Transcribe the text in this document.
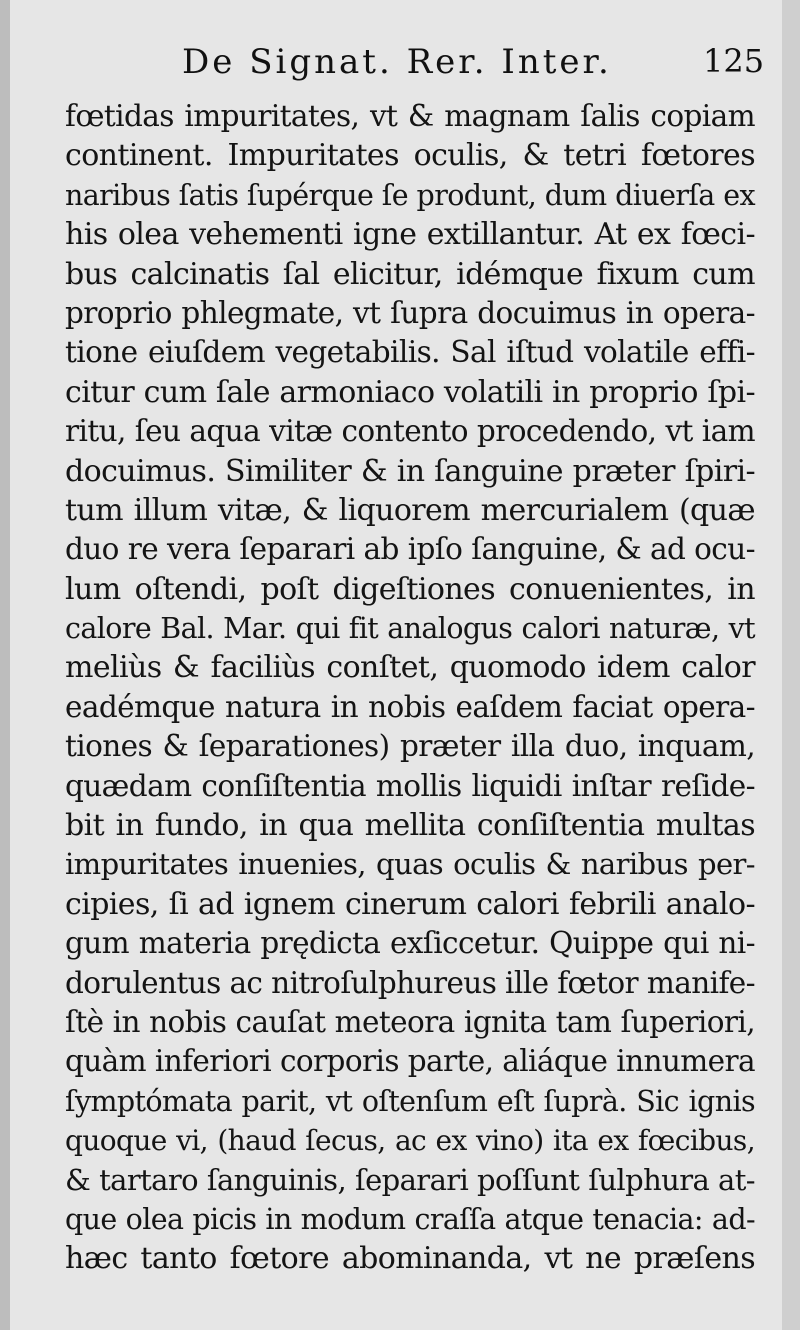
De Signat. Rer. Inter.	125
fœtidas impuritates, vt & magnam ſalis copiam
continent. Impuritates oculis, & tetri fœtores
naribus ſatis ſupérque ſe produnt, dum diuerſa ex
his olea vehementi igne extillantur. At ex fœci-
bus calcinatis ſal elicitur, idémque fixum cum
proprio phlegmate, vt ſupra docuimus in opera-
tione eiuſdem vegetabilis. Sal iſtud volatile effi-
citur cum ſale armoniaco volatili in proprio ſpi-
ritu, ſeu aqua vitæ contento procedendo, vt iam
docuimus. Similiter & in ſanguine præter ſpiri-
tum illum vitæ, & liquorem mercurialem (quæ
duo re vera ſeparari ab ipſo ſanguine, & ad ocu-
lum oſtendi, poſt digeſtiones conuenientes, in
calore Bal. Mar. qui fit analogus calori naturæ, vt
meliùs & faciliùs conſtet, quomodo idem calor
eadémque natura in nobis eaſdem faciat opera-
tiones & ſeparationes) præter illa duo, inquam,
quædam conſiſtentia mollis liquidi inſtar reſide-
bit in fundo, in qua mellita conſiſtentia multas
impuritates inuenies, quas oculis & naribus per-
cipies, ſi ad ignem cinerum calori febrili analo-
gum materia prędicta exſiccetur. Quippe qui ni-
dorulentus ac nitroſulphureus ille fœtor manife-
ſtè in nobis cauſat meteora ignita tam ſuperiori,
quàm inferiori corporis parte, aliáque innumera
ſymptómata parit, vt oſtenſum eſt ſuprà. Sic ignis
quoque vi, (haud ſecus, ac ex vino) ita ex fœcibus,
& tartaro ſanguinis, ſeparari poſſunt ſulphura at-
que olea picis in modum craſſa atque tenacia: ad-
hæc tanto fœtore abominanda, vt ne præſens
